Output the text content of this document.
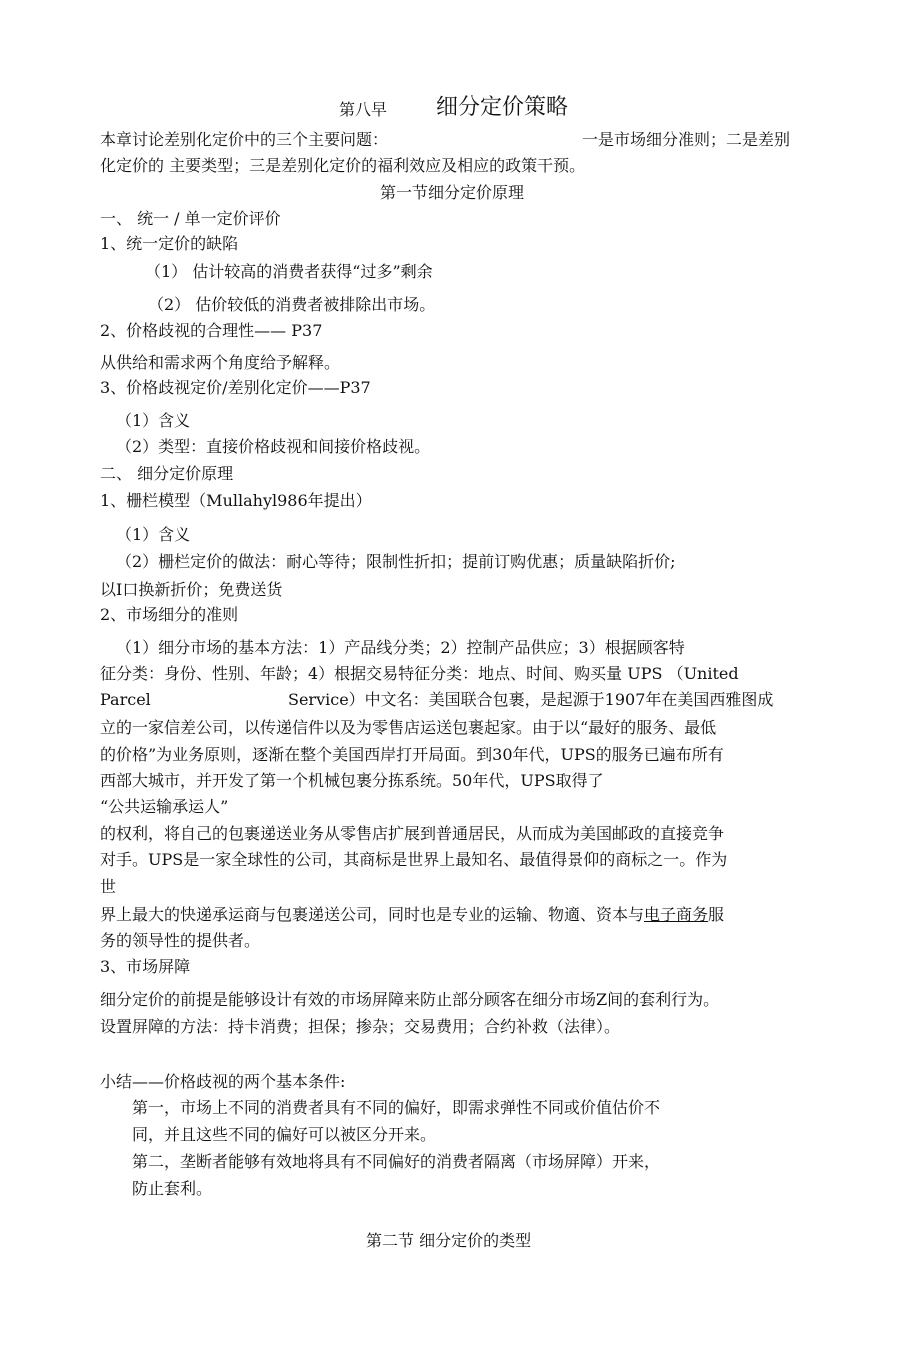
第八早 细分定价策略
本章讨论差别化定价中的三个主要问题：	一是市场细分准则；二是差别
化定价的 主要类型；三是差别化定价的福利效应及相应的政策干预。
第一节细分定价原理
一、 统一 / 单一定价评价
1、统一定价的缺陷
（1） 估计较高的消费者获得“过多”剩余
（2） 估价较低的消费者被排除出市场。
2、价格歧视的合理性—— P37
从供给和需求两个角度给予解释。
3、价格歧视定价/差别化定价——P37
（1）含义
（2）类型：直接价格歧视和间接价格歧视。
二、 细分定价原理
1、栅栏模型（Mullahyl986年提出）
（1）含义
（2）栅栏定价的做法：耐心等待；限制性折扣；提前订购优惠；质量缺陷折价;
以I口换新折价；免费送货
2、市场细分的准则
（1）细分市场的基本方法：1）产品线分类；2）控制产品供应；3）根据顾客特
征分类：身份、性别、年龄；4）根据交易特征分类：地点、时间、购买量 UPS （United
Parcel	Service）中文名：美国联合包裹，是起源于1907年在美国西雅图成
立的一家信差公司，以传递信件以及为零售店运送包裹起家。由于以“最好的服务、最低
的价格”为业务原则，逐渐在整个美国西岸打开局面。到30年代，UPS的服务已遍布所有
西部大城市，并开发了第一个机械包裹分拣系统。50年代，UPS取得了
“公共运输承运人”
的权利，将自己的包裹递送业务从零售店扩展到普通居民，从而成为美国邮政的直接竞争
对手。UPS是一家全球性的公司，其商标是世界上最知名、最值得景仰的商标之一。作为
世
界上最大的快递承运商与包裹递送公司，同时也是专业的运输、物適、资本与电子商务服
务的领导性的提供者。
3、市场屏障
细分定价的前提是能够设计有效的市场屏障来防止部分顾客在细分市场Z间的套利行为。
设置屏障的方法：持卡消费；担保；掺杂；交易费用；合约补救（法律）。
小结——价格歧视的两个基本条件:
第一，市场上不同的消费者具有不同的偏好，即需求弹性不同或价值估价不
同，并且这些不同的偏好可以被区分开来。
第二，垄断者能够有效地将具有不同偏好的消费者隔离（市场屏障）开来，
防止套利。
第二节 细分定价的类型
